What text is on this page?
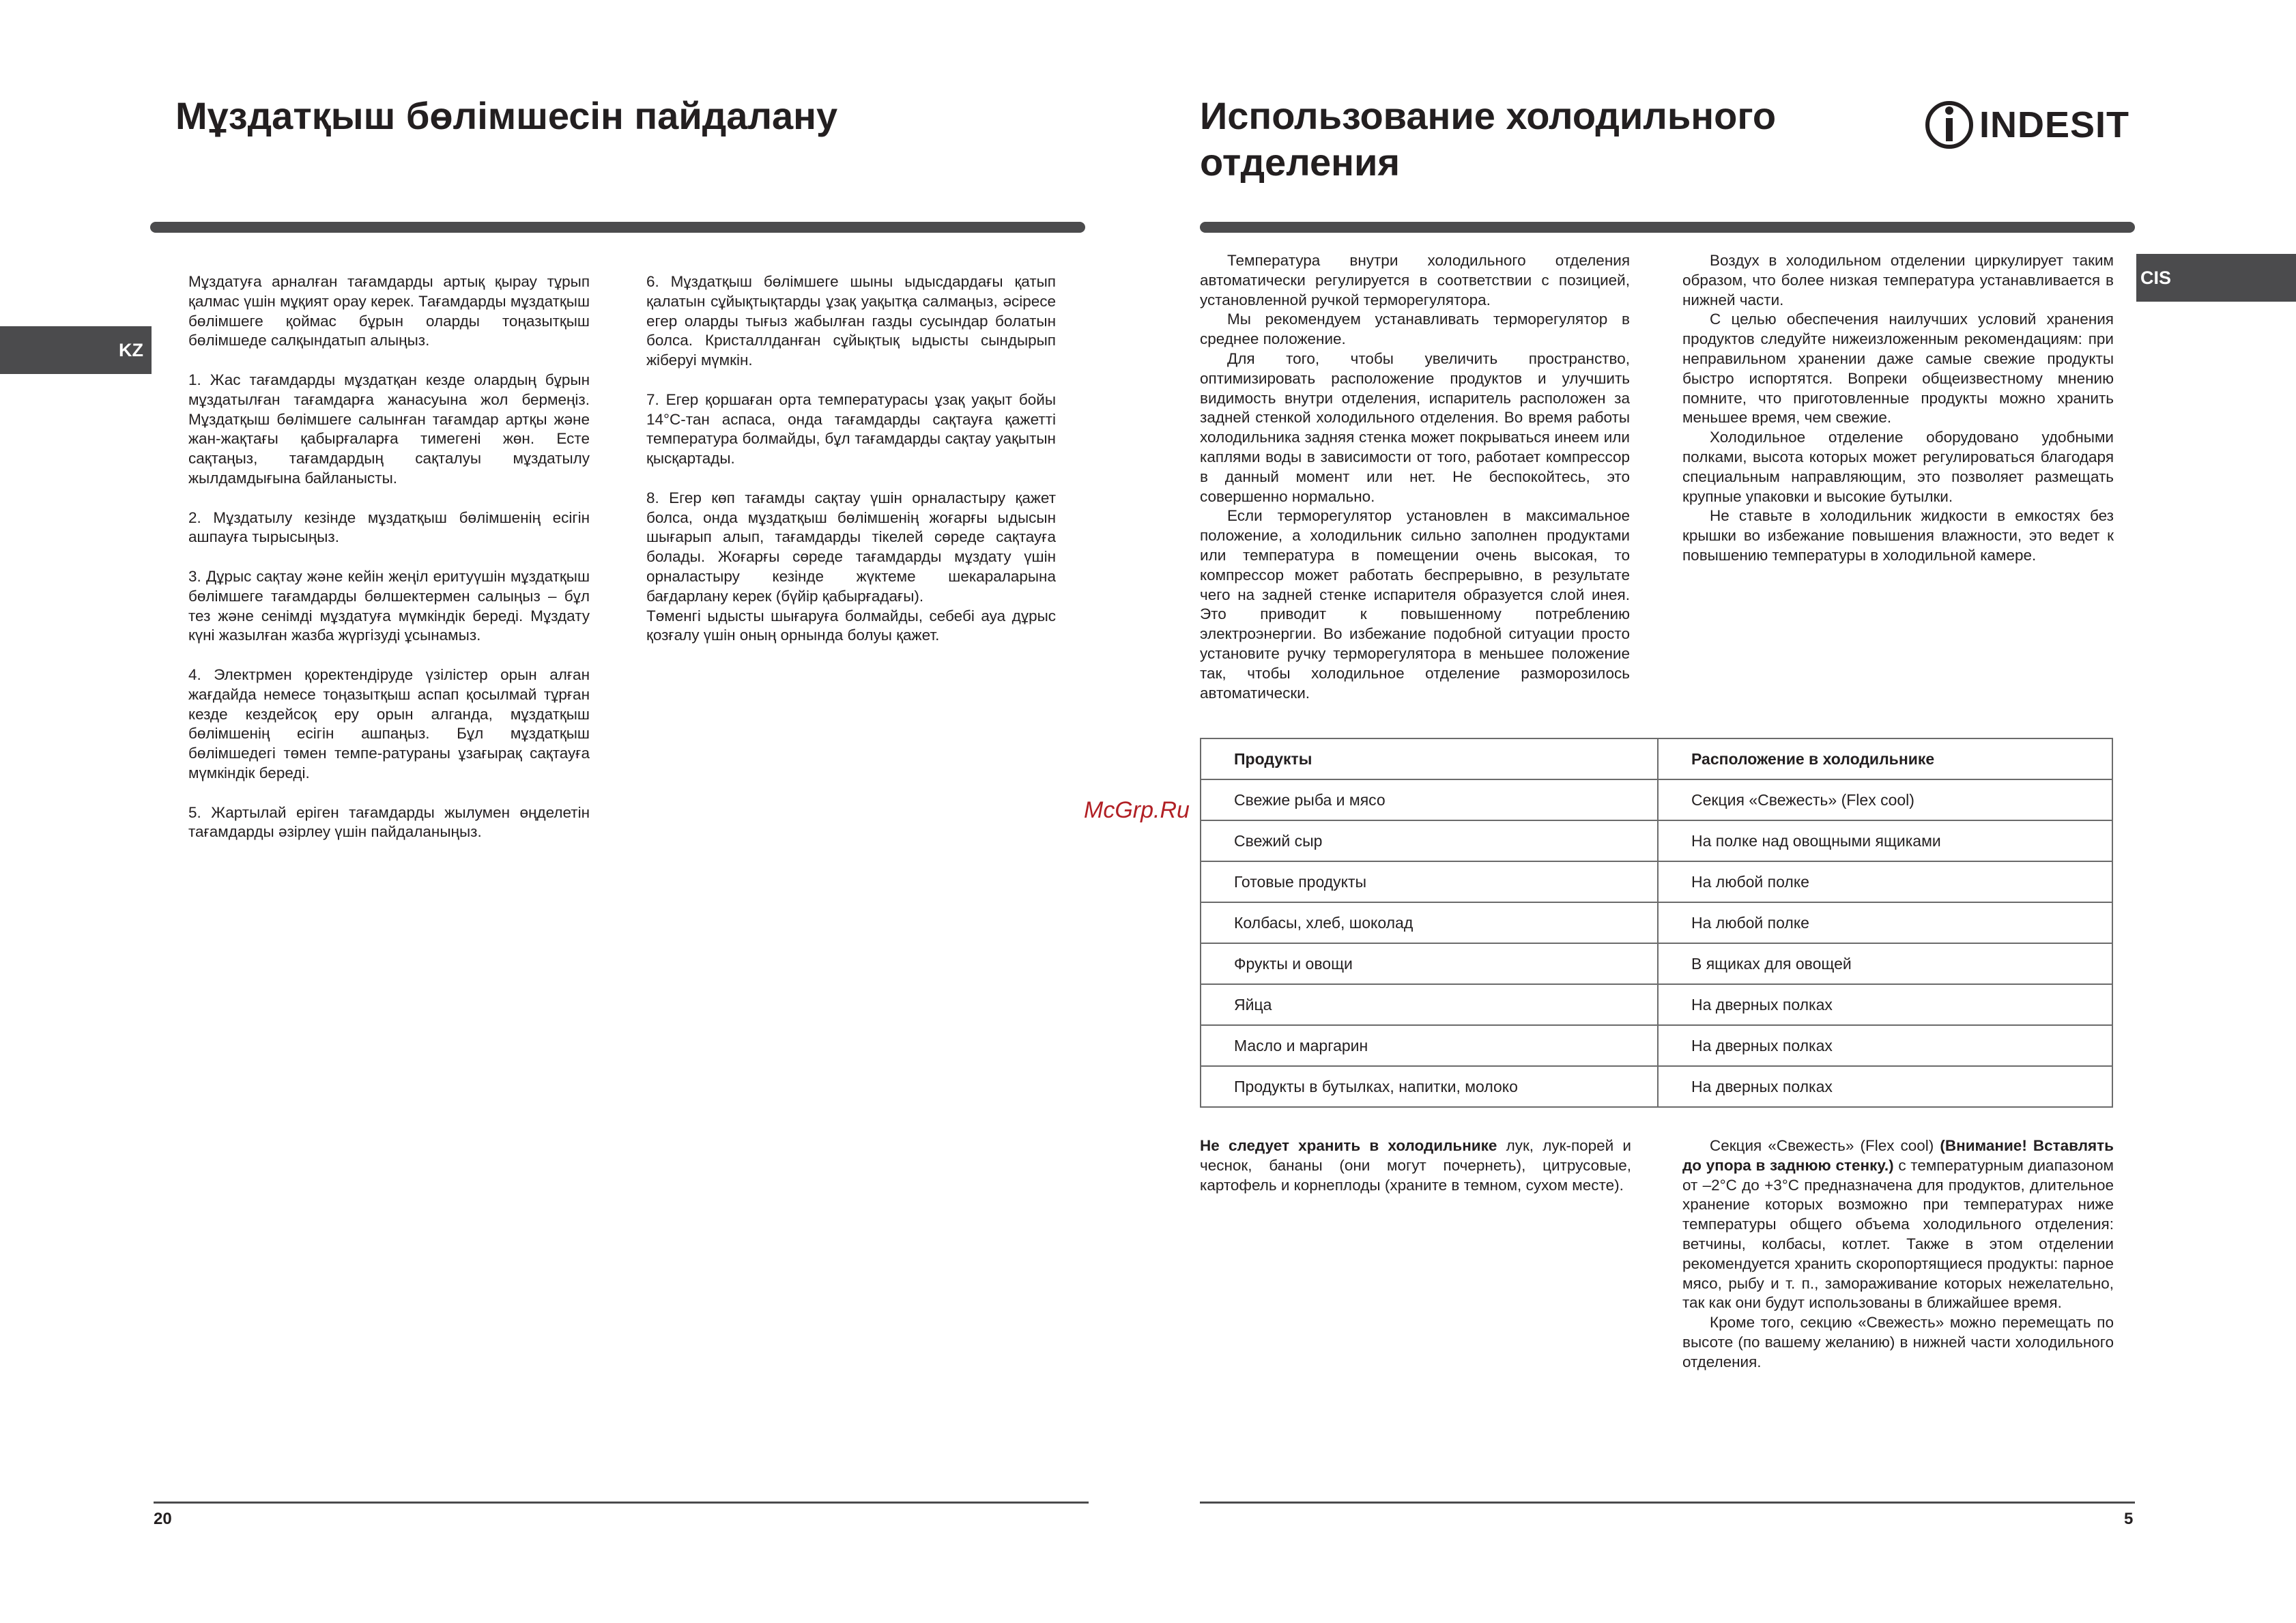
Мұздатқыш бөлімшесін пайдалану
KZ

Мұздатуға арналған тағамдарды артық қырау тұрып қалмас үшін мұқият орау керек. Тағамдарды мұздатқыш бөлімшеге қоймас бұрын оларды тоңазытқыш бөлімшеде салқындатып алыңыз.

1. Жас тағамдарды мұздатқан кезде олардың бұрын мұздатылған тағамдарға жанасуына жол бермеңіз. Мұздатқыш бөлімшеге салынған тағамдар артқы және жан-жақтағы қабырғаларға тимегені жөн. Есте сақтаңыз, тағамдардың сақталуы мұздатылу жылдамдығына байланысты.

2. Мұздатылу кезінде мұздатқыш бөлімшенің есігін ашпауға тырысыңыз.

3. Дұрыс сақтау және кейін жеңіл еритуүшін мұздатқыш бөлімшеге тағамдарды бөлшектермен салыңыз – бұл тез және сенімді мұздатуға мүмкіндік береді. Мұздату күні жазылған жазба жүргізуді ұсынамыз.

4. Электрмен қоректендіруде үзілістер орын алған жағдайда немесе тоңазытқыш аспап қосылмай тұрған кезде кездейсоқ еру орын алганда, мұздатқыш бөлімшенің есігін ашпаңыз. Бұл мұздатқыш бөлімшедегі төмен темпе-ратураны ұзағырақ сақтауға мүмкіндік береді.

5. Жартылай еріген тағамдарды жылумен өңделетін тағамдарды әзірлеу үшін пайдаланыңыз.

6. Мұздатқыш бөлімшеге шыны ыдысдардағы қатып қалатын сұйықтықтарды ұзақ уақытқа салмаңыз, әсіресе егер оларды тығыз жабылған газды сусындар болатын болса. Кристаллданған сұйықтық ыдысты сындырып жіберуі мүмкін.

7. Егер қоршаған орта температурасы ұзақ уақыт бойы 14°С-тан аспаса, онда тағамдарды сақтауға қажетті температура болмайды, бұл тағамдарды сақтау уақытын қысқартады.

8. Егер көп тағамды сақтау үшін орналастыру қажет болса, онда мұздатқыш бөлімшенің жоғарғы ыдысын шығарып алып, тағамдарды тікелей сөреде сақтауға болады. Жоғарғы сөреде тағамдарды мұздату үшін орналастыру кезінде жүктеме шекараларына бағдарлану керек (бүйір қабырғадағы).
Төменгі ыдысты шығаруға болмайды, себебі ауа дұрыс қозғалу үшін оның орнында болуы қажет.

20
Использование холодильного
отделения
INDESIT
CIS

Температура внутри холодильного отделения автоматически регулируется в соответствии с позицией, установленной ручкой терморегулятора.

Мы рекомендуем устанавливать терморегулятор в среднее положение.

Для того, чтобы увеличить пространство, оптимизировать расположение продуктов и улучшить видимость внутри отделения, испаритель расположен за задней стенкой холодильного отделения. Во время работы холодильника задняя стенка может покрываться инеем или каплями воды в зависимости от того, работает компрессор в данный момент или нет. Не беспокойтесь, это совершенно нормально.

Если терморегулятор установлен в максимальное положение, а холодильник сильно заполнен продуктами или температура в помещении очень высокая, то компрессор может работать беспрерывно, в результате чего на задней стенке испарителя образуется слой инея. Это приводит к повышенному потреблению электроэнергии. Во избежание подобной ситуации просто установите ручку терморегулятора в меньшее положение так, чтобы холодильное отделение разморозилось автоматически.

Воздух в холодильном отделении циркулирует таким образом, что более низкая температура устанавливается в нижней части.

С целью обеспечения наилучших условий хранения продуктов следуйте нижеизложенным рекомендациям: при неправильном хранении даже самые свежие продукты быстро испортятся. Вопреки общеизвестному мнению помните, что приготовленные продукты можно хранить меньшее время, чем свежие.

Холодильное отделение оборудовано удобными полками, высота которых может регулироваться благодаря специальным направляющим, это позволяет размещать крупные упаковки и высокие бутылки.

Не ставьте в холодильник жидкости в емкостях без крышки во избежание повышения влажности, это ведет к повышению температуры в холодильной камере.

McGrp.Ru
Продукты	Расположение в холодильнике
Свежие рыба и мясо	Секция «Свежесть» (Flex cool)
Свежий сыр	На полке над овощными ящиками
Готовые продукты	На любой полке
Колбасы, хлеб, шоколад	На любой полке
Фрукты и овощи	В ящиках для овощей
Яйца	На дверных полках
Масло и маргарин	На дверных полках
Продукты в бутылках, напитки, молоко	На дверных полках

Не следует хранить в холодильнике лук, лук-порей и чеснок, бананы (они могут почернеть), цитрусовые, картофель и корнеплоды (храните в темном, сухом месте).

Секция «Свежесть» (Flex cool) (Внимание! Вставлять до упора в заднюю стенку.) с температурным диапазоном от –2°С до +3°С предназначена для продуктов, длительное хранение которых возможно при температурах ниже температуры общего объема холодильного отделения: ветчины, колбасы, котлет. Также в этом отделении рекомендуется хранить скоропортящиеся продукты: парное мясо, рыбу и т. п., замораживание которых нежелательно, так как они будут использованы в ближайшее время.

Кроме того, секцию «Свежесть» можно перемещать по высоте (по вашему желанию) в нижней части холодильного отделения.

5
